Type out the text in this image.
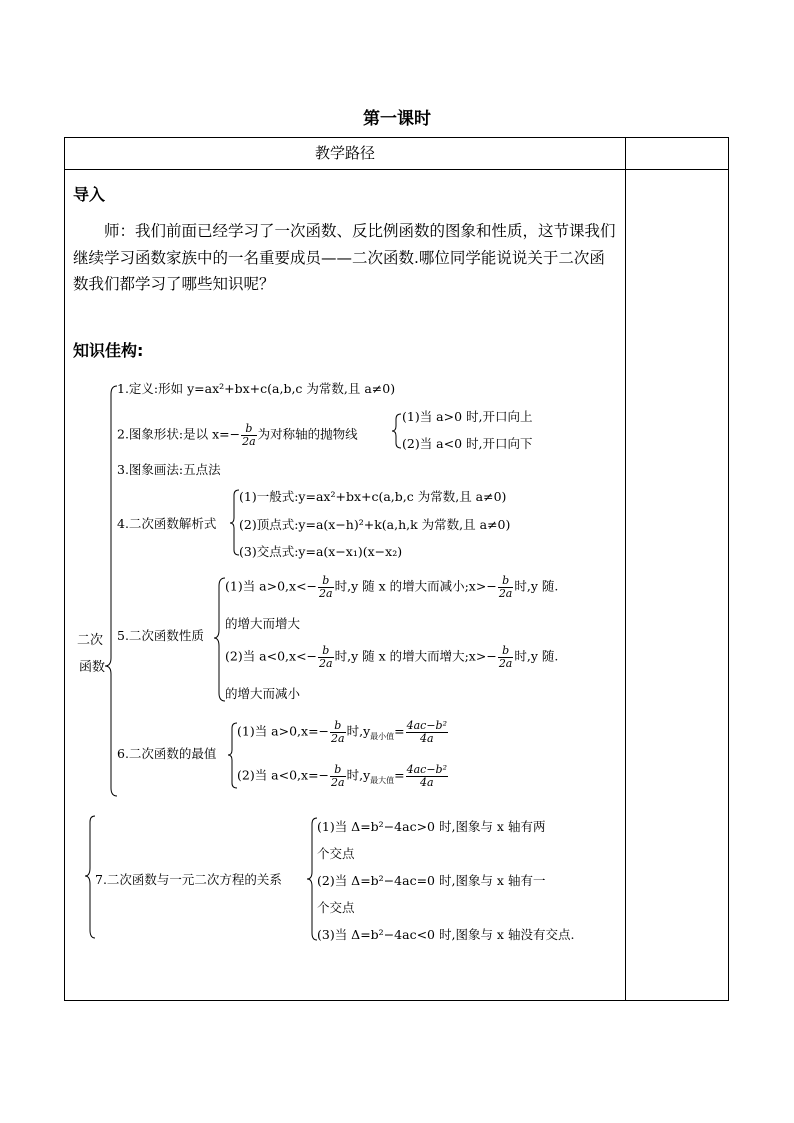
第一课时
教学路径
导入
师：我们前面已经学习了一次函数、反比例函数的图象和性质，这节课我们继续学习函数家族中的一名重要成员——二次函数.哪位同学能说说关于二次函数我们都学习了哪些知识呢？
知识佳构:
二次
函数
1.定义:形如 y=ax²+bx+c(a,b,c 为常数,且 a≠0)
2.图象形状:是以 $x=- \frac{b}{2a}$ 为对称轴的抛物线
(1)当 a>0 时,开口向上
(2)当 a<0 时,开口向下
3.图象画法:五点法
4.二次函数解析式
(1)一般式:y=ax²+bx+c(a,b,c 为常数,且 a≠0)
(2)顶点式:y=a(x−h)²+k(a,h,k 为常数,且 a≠0)
(3)交点式:y=a(x−x₁)(x−x₂)
5.二次函数性质
(1)当 $a>0,x<- \frac{b}{2a}$ 时,y 随 x 的增大而减小;x>− $\frac{b}{2a}$ 时,y 随.
的增大而增大
(2)当 $a<0,x<- \frac{b}{2a}$ 时,y 随 x 的增大而增大;x>− $\frac{b}{2a}$ 时,y 随.
的增大而减小
6.二次函数的最值
(1)当 $a>0,x=- \frac{b}{2a}$ 时$,y_{最小值}= \frac{\text{4ac−b²}}{4a}$
(2)当 $a<0,x=- \frac{b}{2a}$ 时$,y_{最大值}= \frac{\text{4ac−b²}}{4a}$
7.二次函数与一元二次方程的关系
(1)当 Δ=b²−4ac>0 时,图象与 x 轴有两
个交点
(2)当 Δ=b²−4ac=0 时,图象与 x 轴有一
个交点
(3)当 Δ=b²−4ac<0 时,图象与 x 轴没有交点.
